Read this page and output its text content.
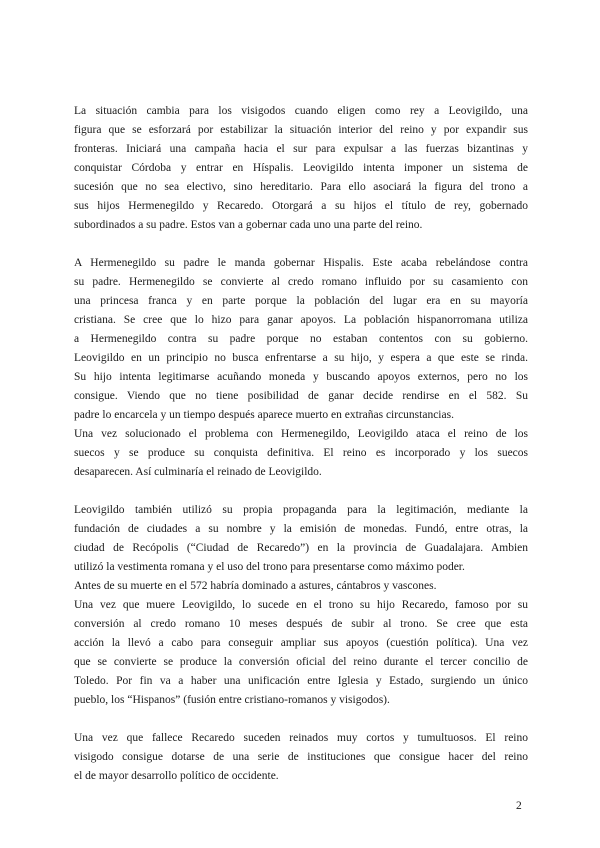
La situación cambia para los visigodos cuando eligen como rey a Leovigildo, una
figura que se esforzará por estabilizar la situación interior del reino y por expandir sus
fronteras. Iniciará una campaña hacia el sur para expulsar a las fuerzas bizantinas y
conquistar Córdoba y entrar en Híspalis. Leovigildo intenta imponer un sistema de
sucesión que no sea electivo, sino hereditario. Para ello asociará la figura del trono a
sus hijos Hermenegildo y Recaredo. Otorgará a su hijos el título de rey, gobernado
subordinados a su padre. Estos van a gobernar cada uno una parte del reino.

A Hermenegildo su padre le manda gobernar Hispalis. Este acaba rebelándose contra
su padre. Hermenegildo se convierte al credo romano influido por su casamiento con
una princesa franca y en parte porque la población del lugar era en su mayoría
cristiana. Se cree que lo hizo para ganar apoyos. La población hispanorromana utiliza
a Hermenegildo contra su padre porque no estaban contentos con su gobierno.
Leovigildo en un principio no busca enfrentarse a su hijo, y espera a que este se rinda.
Su hijo intenta legitimarse acuñando moneda y buscando apoyos externos, pero no los
consigue. Viendo que no tiene posibilidad de ganar decide rendirse en el 582. Su
padre lo encarcela y un tiempo después aparece muerto en extrañas circunstancias.
Una vez solucionado el problema con Hermenegildo, Leovigildo ataca el reino de los
suecos y se produce su conquista definitiva. El reino es incorporado y los suecos
desaparecen. Así culminaría el reinado de Leovigildo.

Leovigildo también utilizó su propia propaganda para la legitimación, mediante la
fundación de ciudades a su nombre y la emisión de monedas. Fundó, entre otras, la
ciudad de Recópolis (“Ciudad de Recaredo”) en la provincia de Guadalajara. Ambien
utilizó la vestimenta romana y el uso del trono para presentarse como máximo poder.
Antes de su muerte en el 572 habría dominado a astures, cántabros y vascones.
Una vez que muere Leovigildo, lo sucede en el trono su hijo Recaredo, famoso por su
conversión al credo romano 10 meses después de subir al trono. Se cree que esta
acción la llevó a cabo para conseguir ampliar sus apoyos (cuestión política). Una vez
que se convierte se produce la conversión oficial del reino durante el tercer concilio de
Toledo. Por fin va a haber una unificación entre Iglesia y Estado, surgiendo un único
pueblo, los “Hispanos” (fusión entre cristiano-romanos y visigodos).

Una vez que fallece Recaredo suceden reinados muy cortos y tumultuosos. El reino
visigodo consigue dotarse de una serie de instituciones que consigue hacer del reino
el de mayor desarrollo político de occidente.

2
